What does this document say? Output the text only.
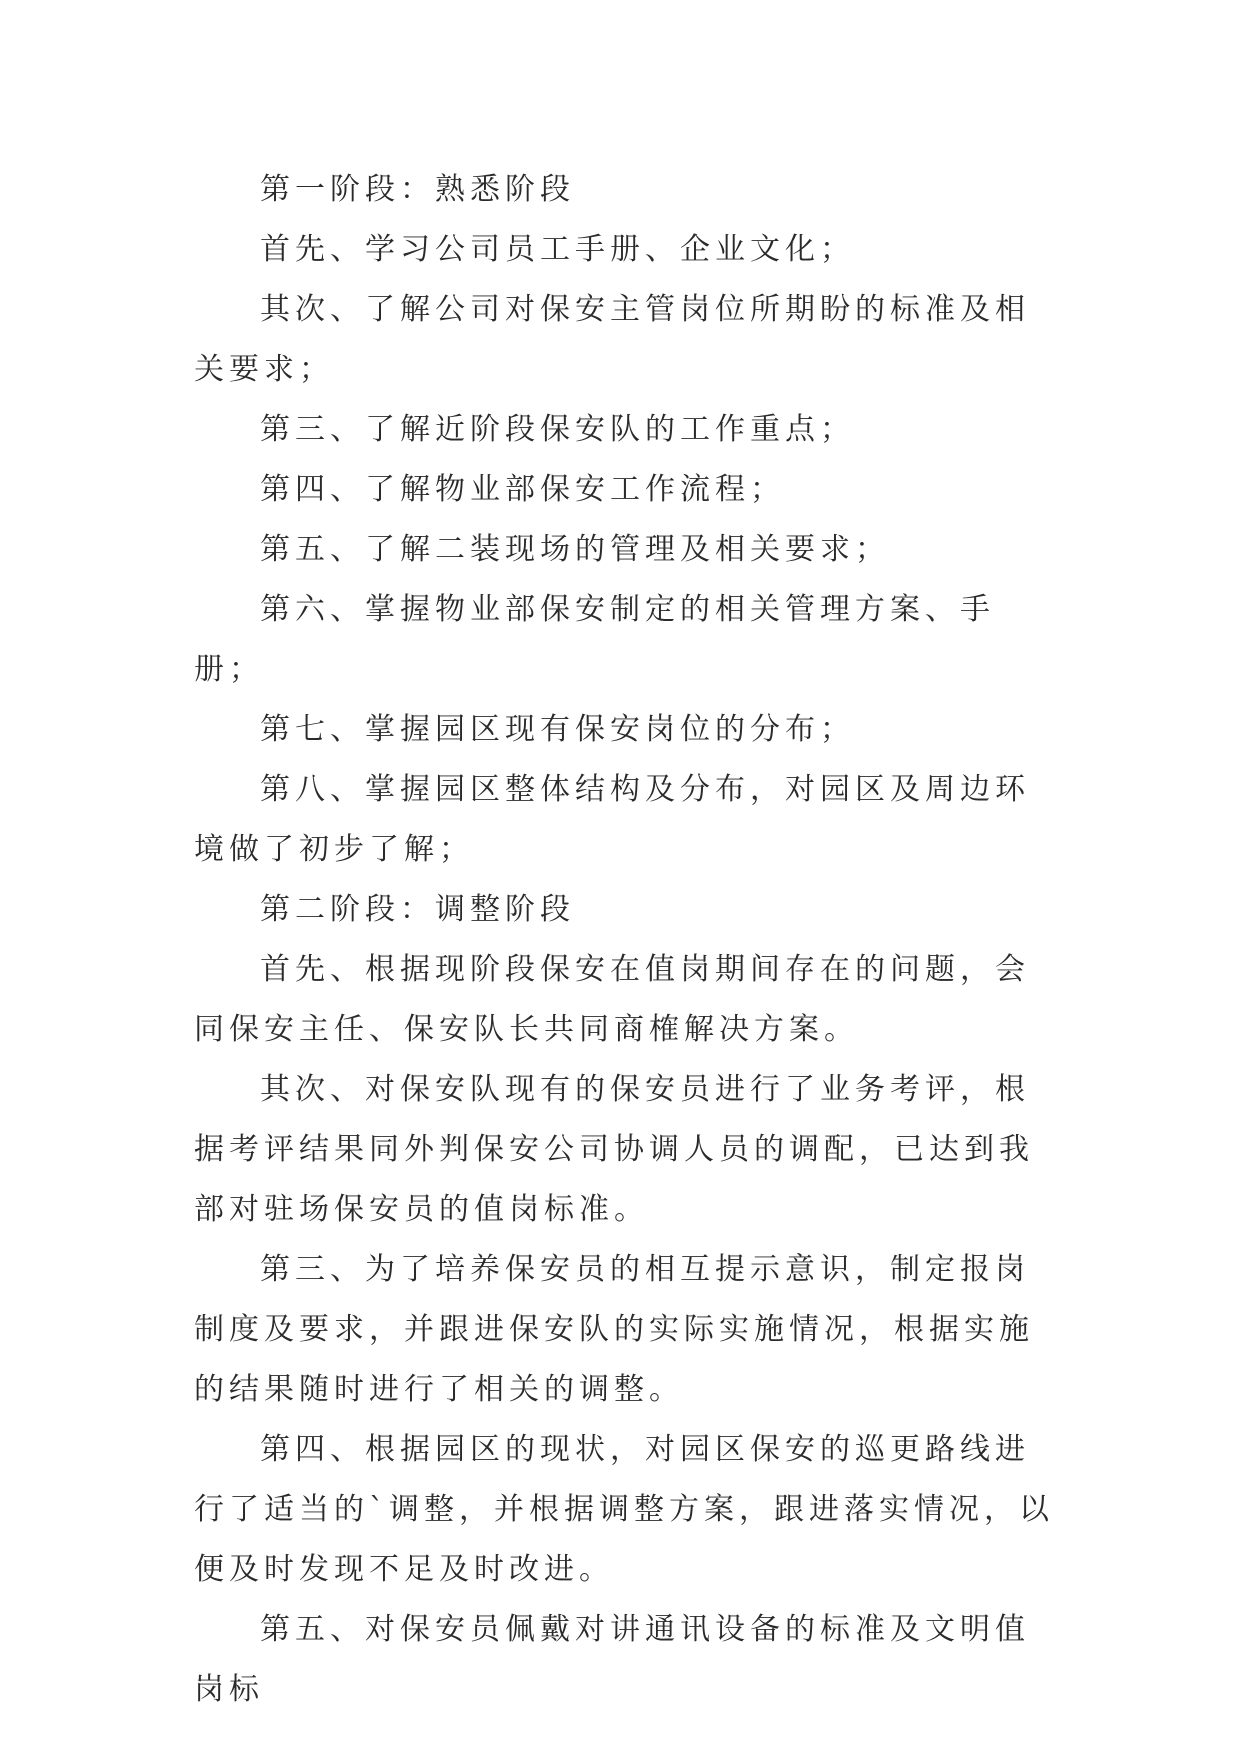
第一阶段：熟悉阶段

首先、学习公司员工手册、企业文化；

其次、了解公司对保安主管岗位所期盼的标准及相关要求；

第三、了解近阶段保安队的工作重点；

第四、了解物业部保安工作流程；

第五、了解二装现场的管理及相关要求；

第六、掌握物业部保安制定的相关管理方案、手册；

第七、掌握园区现有保安岗位的分布；

第八、掌握园区整体结构及分布，对园区及周边环境做了初步了解；

第二阶段：调整阶段

首先、根据现阶段保安在值岗期间存在的问题，会同保安主任、保安队长共同商榷解决方案。

其次、对保安队现有的保安员进行了业务考评，根据考评结果同外判保安公司协调人员的调配，已达到我部对驻场保安员的值岗标准。

第三、为了培养保安员的相互提示意识，制定报岗制度及要求，并跟进保安队的实际实施情况，根据实施的结果随时进行了相关的调整。

第四、根据园区的现状，对园区保安的巡更路线进行了适当的`调整，并根据调整方案，跟进落实情况，以便及时发现不足及时改进。

第五、对保安员佩戴对讲通讯设备的标准及文明值岗标
